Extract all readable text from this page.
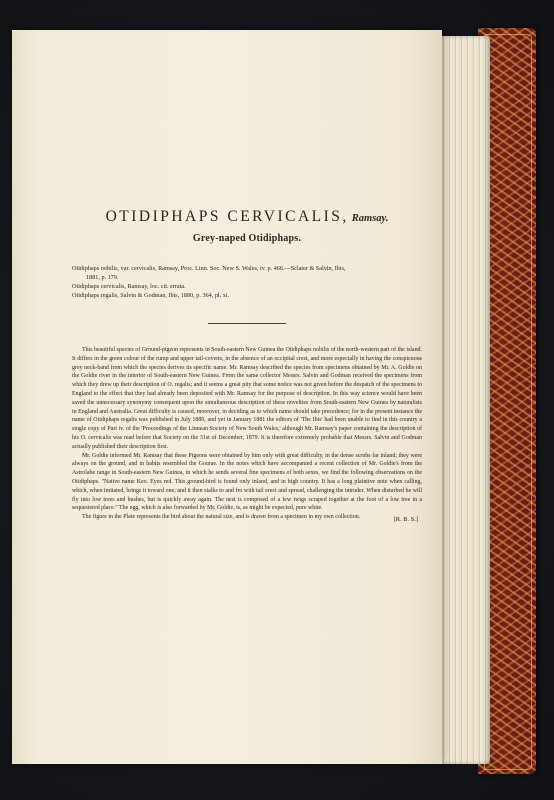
OTIDIPHAPS CERVICALIS, Ramsay.
Grey-naped Otidiphaps.
Otidiphaps nobilis, var. cervicalis, Ramsay, Proc. Linn. Soc. New S. Wales, iv. p. 466.—Sclater & Salvin, Ibis,
1881, p. 179.
Otidiphaps cervicalis, Ramsay, loc. cit. errata.
Otidiphaps regalis, Salvin & Godman, Ibis, 1880, p. 364, pl. xi.

This beautiful species of Ground-pigeon represents in South-eastern New Guinea the Otidiphaps nobilis of the north-western part of the island. It differs in the green colour of the rump and upper tail-coverts, in the absence of an occipital crest, and more especially in having the conspicuous grey neck-band from which the species derives its specific name. Mr. Ramsay described the species from specimens obtained by Mr. A. Goldie on the Goldie river in the interior of South-eastern New Guinea. From the same collector Messrs. Salvin and Godman received the specimens from which they drew up their description of O. regalis; and it seems a great pity that some notice was not given before the despatch of the specimens to England to the effect that they had already been deposited with Mr. Ramsay for the purpose of description. In this way science would have been saved the unnecessary synonymy consequent upon the simultaneous description of these novelties from South-eastern New Guinea by naturalists in England and Australia. Great difficulty is caused, moreover, in deciding as to which name should take precedence; for in the present instance the name of Otidiphaps regalis was published in July 1880, and yet in January 1881 the editors of 'The Ibis' had been unable to find in this country a single copy of Part iv. of the 'Proceedings of the Linnean Society of New South Wales,' although Mr. Ramsay's paper containing the description of his O. cervicalis was read before that Society on the 31st of December, 1879. It is therefore extremely probable that Messrs. Salvin and Godman actually published their description first.

Mr. Goldie informed Mr. Ramsay that these Pigeons were obtained by him only with great difficulty, in the dense scrubs far inland; they were always on the ground, and in habits resembled the Gourae. In the notes which have accompanied a recent collection of Mr. Goldie's from the Astrolabe range in South-eastern New Guinea, in which he sends several fine specimens of both sexes, we find the following observations on the Otidiphaps. "Native name Keo. Eyes red. This ground-bird is found only inland, and in high country. It has a long plaintive note when calling, which, when imitated, brings it toward one; and it then stalks to and fro with tail erect and spread, challenging the intruder. When disturbed he will fly into low trees and bushes, but is quickly away again. The nest is composed of a few twigs scraped together at the foot of a low tree in a sequestered place." The egg, which is also forwarded by Mr. Goldie, is, as might be expected, pure white.

The figure in the Plate represents the bird about the natural size, and is drawn from a specimen in my own collection.	[R. B. S.]
